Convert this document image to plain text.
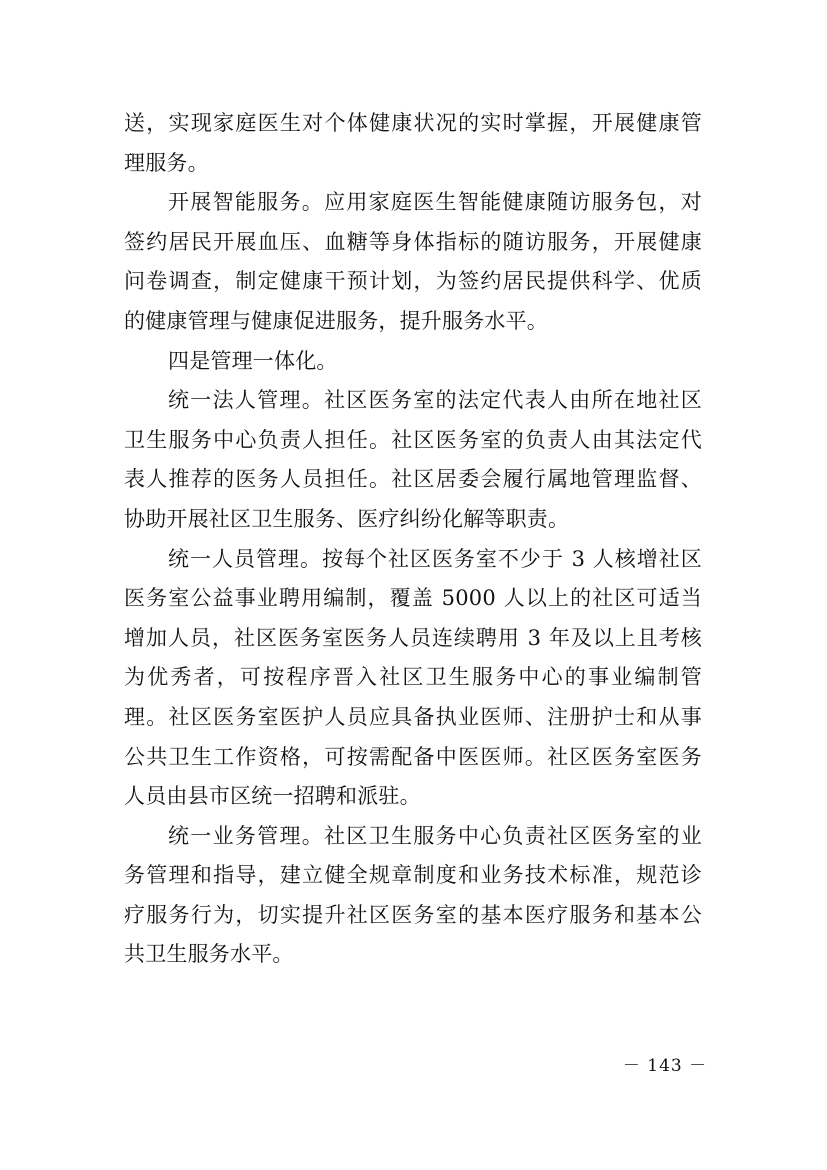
送，实现家庭医生对个体健康状况的实时掌握，开展健康管
理服务。
开展智能服务。应用家庭医生智能健康随访服务包，对
签约居民开展血压、血糖等身体指标的随访服务，开展健康
问卷调查，制定健康干预计划，为签约居民提供科学、优质
的健康管理与健康促进服务，提升服务水平。
四是管理一体化。
统一法人管理。社区医务室的法定代表人由所在地社区
卫生服务中心负责人担任。社区医务室的负责人由其法定代
表人推荐的医务人员担任。社区居委会履行属地管理监督、
协助开展社区卫生服务、医疗纠纷化解等职责。
统一人员管理。按每个社区医务室不少于 3 人核增社区
医务室公益事业聘用编制，覆盖 5000 人以上的社区可适当
增加人员，社区医务室医务人员连续聘用 3 年及以上且考核
为优秀者，可按程序晋入社区卫生服务中心的事业编制管
理。社区医务室医护人员应具备执业医师、注册护士和从事
公共卫生工作资格，可按需配备中医医师。社区医务室医务
人员由县市区统一招聘和派驻。
统一业务管理。社区卫生服务中心负责社区医务室的业
务管理和指导，建立健全规章制度和业务技术标准，规范诊
疗服务行为，切实提升社区医务室的基本医疗服务和基本公
共卫生服务水平。
－ 143 －
